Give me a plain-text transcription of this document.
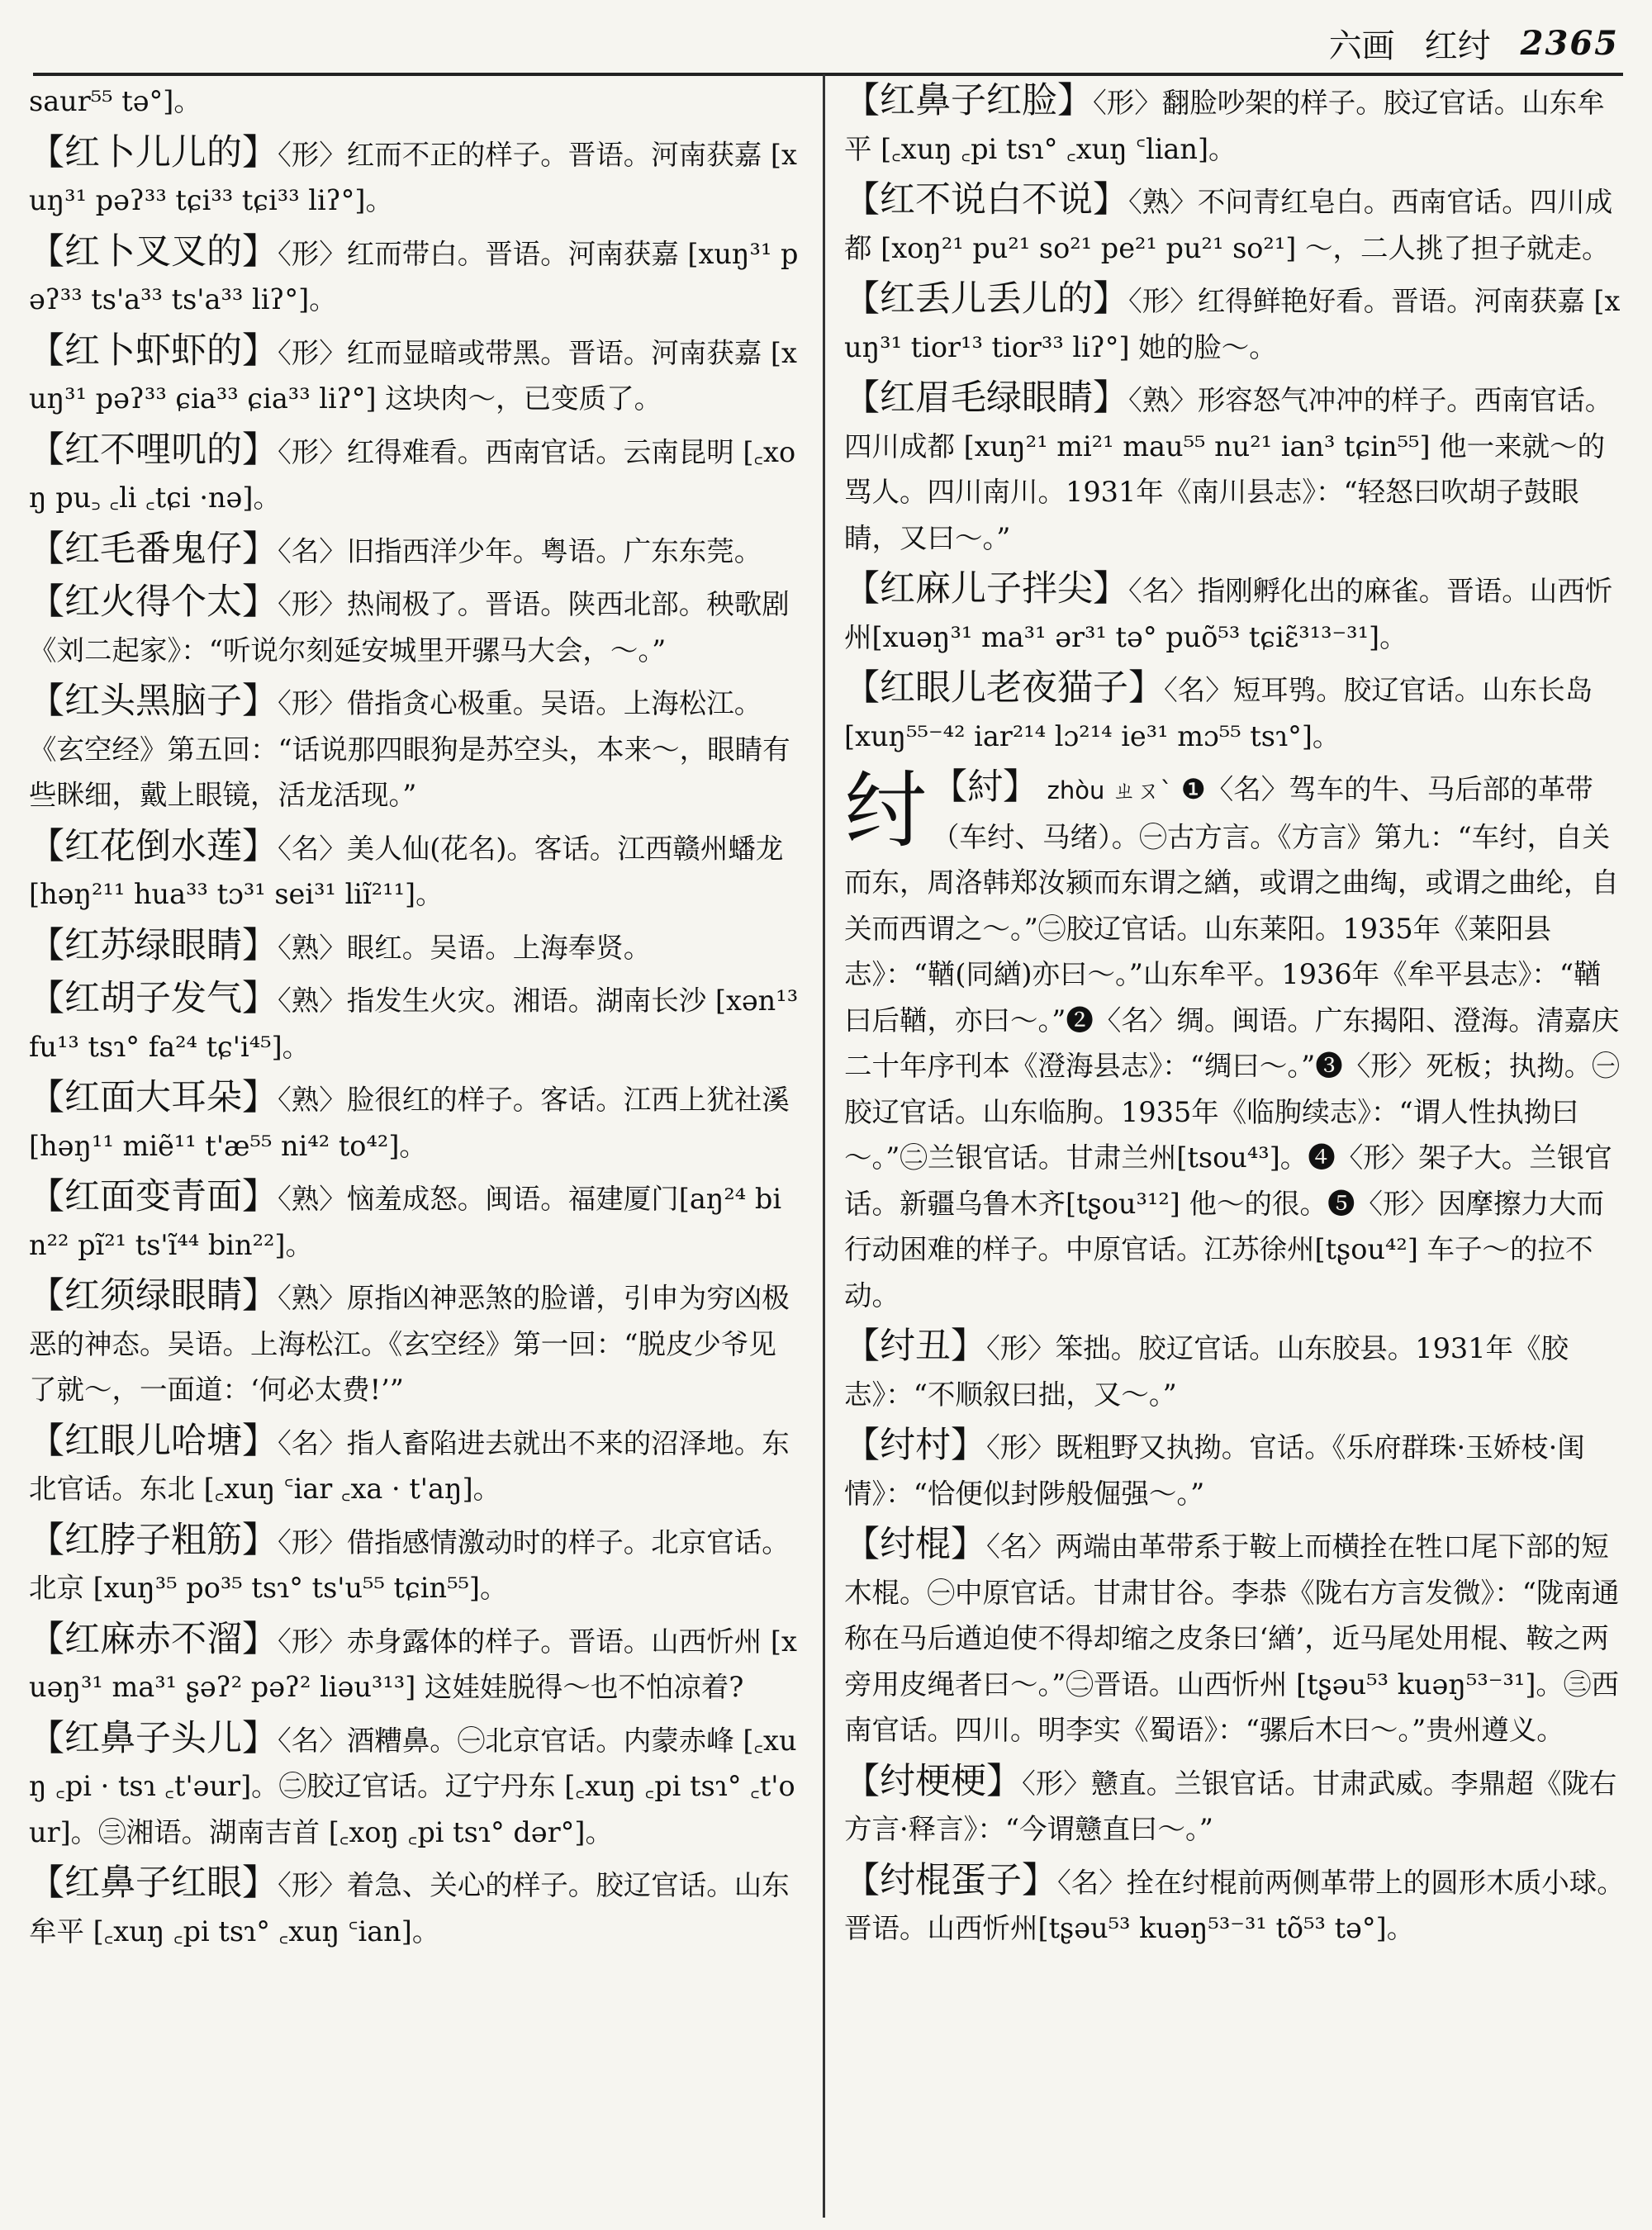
六画 红纣 2365
saur⁵⁵ tə°]。
【红卜儿儿的】〈形〉红而不正的样子。晋语。河南获嘉 [xuŋ³¹ pəʔ³³ tɕi³³ tɕi³³ liʔ°]。
【红卜叉叉的】〈形〉红而带白。晋语。河南获嘉 [xuŋ³¹ pəʔ³³ ts'a³³ ts'a³³ liʔ°]。
【红卜虾虾的】〈形〉红而显暗或带黑。晋语。河南获嘉 [xuŋ³¹ pəʔ³³ ɕia³³ ɕia³³ liʔ°] 这块肉～，已变质了。
【红不哩叽的】〈形〉红得难看。西南官话。云南昆明 [꜀xoŋ pu꜆ ꜀li ꜀tɕi ·nə]。
【红毛番鬼仔】〈名〉旧指西洋少年。粤语。广东东莞。
【红火得个太】〈形〉热闹极了。晋语。陕西北部。秧歌剧《刘二起家》：“听说尔刻延安城里开骡马大会，～。”
【红头黑脑子】〈形〉借指贪心极重。吴语。上海松江。《玄空经》第五回：“话说那四眼狗是苏空头，本来～，眼睛有些眯细，戴上眼镜，活龙活现。”
【红花倒水莲】〈名〉美人仙(花名)。客话。江西赣州蟠龙[həŋ²¹¹ hua³³ tɔ³¹ sei³¹ liĩ²¹¹]。
【红苏绿眼睛】〈熟〉眼红。吴语。上海奉贤。
【红胡子发气】〈熟〉指发生火灾。湘语。湖南长沙 [xən¹³ fu¹³ tsɿ° fa²⁴ tɕ'i⁴⁵]。
【红面大耳朵】〈熟〉脸很红的样子。客话。江西上犹社溪 [həŋ¹¹ miẽ¹¹ t'æ⁵⁵ ni⁴² to⁴²]。
【红面变青面】〈熟〉恼羞成怒。闽语。福建厦门[aŋ²⁴ bin²² pĩ²¹ ts'ĩ⁴⁴ bin²²]。
【红须绿眼睛】〈熟〉原指凶神恶煞的脸谱，引申为穷凶极恶的神态。吴语。上海松江。《玄空经》第一回：“脱皮少爷见了就～，一面道：‘何必太费!’”
【红眼儿哈塘】〈名〉指人畜陷进去就出不来的沼泽地。东北官话。东北 [꜀xuŋ ꜂iar ꜀xa · t'aŋ]。
【红脖子粗筋】〈形〉借指感情激动时的样子。北京官话。北京 [xuŋ³⁵ po³⁵ tsɿ° ts'u⁵⁵ tɕin⁵⁵]。
【红麻赤不溜】〈形〉赤身露体的样子。晋语。山西忻州 [xuəŋ³¹ ma³¹ ʂəʔ² pəʔ² liəu³¹³] 这娃娃脱得～也不怕凉着?
【红鼻子头儿】〈名〉酒糟鼻。㊀北京官话。内蒙赤峰 [꜀xuŋ ꜀pi · tsɿ ꜀t'əur]。㊁胶辽官话。辽宁丹东 [꜀xuŋ ꜀pi tsɿ° ꜀t'our]。㊂湘语。湖南吉首 [꜀xoŋ ꜀pi tsɿ° dər°]。
【红鼻子红眼】〈形〉着急、关心的样子。胶辽官话。山东牟平 [꜀xuŋ ꜀pi tsɿ° ꜀xuŋ ꜂ian]。
【红鼻子红脸】〈形〉翻脸吵架的样子。胶辽官话。山东牟平 [꜀xuŋ ꜀pi tsɿ° ꜀xuŋ ꜂lian]。
【红不说白不说】〈熟〉不问青红皂白。西南官话。四川成都 [xoŋ²¹ pu²¹ so²¹ pe²¹ pu²¹ so²¹] ～，二人挑了担子就走。
【红丢儿丢儿的】〈形〉红得鲜艳好看。晋语。河南获嘉 [xuŋ³¹ tior¹³ tior³³ liʔ°] 她的脸～。
【红眉毛绿眼睛】〈熟〉形容怒气冲冲的样子。西南官话。四川成都 [xuŋ²¹ mi²¹ mau⁵⁵ nu²¹ ian³ tɕin⁵⁵] 他一来就～的骂人。四川南川。1931年《南川县志》：“轻怒曰吹胡子鼓眼睛，又曰～。”
【红麻儿子拌尖】〈名〉指刚孵化出的麻雀。晋语。山西忻州[xuəŋ³¹ ma³¹ ər³¹ tə° puõ⁵³ tɕiɛ̃³¹³⁻³¹]。
【红眼儿老夜猫子】〈名〉短耳鸮。胶辽官话。山东长岛 [xuŋ⁵⁵⁻⁴² iar²¹⁴ lɔ²¹⁴ ie³¹ mɔ⁵⁵ tsɿ°]。
纣 【紂】 zhòu ㄓㄡˋ ❶〈名〉驾车的牛、马后部的革带（车纣、马绪）。㊀古方言。《方言》第九：“车纣，自关而东，周洛韩郑汝颍而东谓之緧，或谓之曲绹，或谓之曲纶，自关而西谓之～。”㊁胶辽官话。山东莱阳。1935年《莱阳县志》：“鞧(同緧)亦曰～。”山东牟平。1936年《牟平县志》：“鞧曰后鞧，亦曰～。”❷〈名〉绸。闽语。广东揭阳、澄海。清嘉庆二十年序刊本《澄海县志》：“绸曰～。”❸〈形〉死板；执拗。㊀胶辽官话。山东临朐。1935年《临朐续志》：“谓人性执拗曰～。”㊁兰银官话。甘肃兰州[tsou⁴³]。❹〈形〉架子大。兰银官话。新疆乌鲁木齐[tʂou³¹²] 他～的很。❺〈形〉因摩擦力大而行动困难的样子。中原官话。江苏徐州[tʂou⁴²] 车子～的拉不动。
【纣丑】〈形〉笨拙。胶辽官话。山东胶县。1931年《胶志》：“不顺叙曰拙，又～。”
【纣村】〈形〉既粗野又执拗。官话。《乐府群珠·玉娇枝·闺情》：“恰便似封陟般倔强～。”
【纣棍】〈名〉两端由革带系于鞍上而横拴在牲口尾下部的短木棍。㊀中原官话。甘肃甘谷。李恭《陇右方言发微》：“陇南通称在马后遒迫使不得却缩之皮条曰‘緧’，近马尾处用棍、鞍之两旁用皮绳者曰～。”㊁晋语。山西忻州 [tʂəu⁵³ kuəŋ⁵³⁻³¹]。㊂西南官话。四川。明李实《蜀语》：“骡后木曰～。”贵州遵义。
【纣梗梗】〈形〉戆直。兰银官话。甘肃武威。李鼎超《陇右方言·释言》：“今谓戆直曰～。”
【纣棍蛋子】〈名〉拴在纣棍前两侧革带上的圆形木质小球。晋语。山西忻州[tʂəu⁵³ kuəŋ⁵³⁻³¹ tõ⁵³ tə°]。
